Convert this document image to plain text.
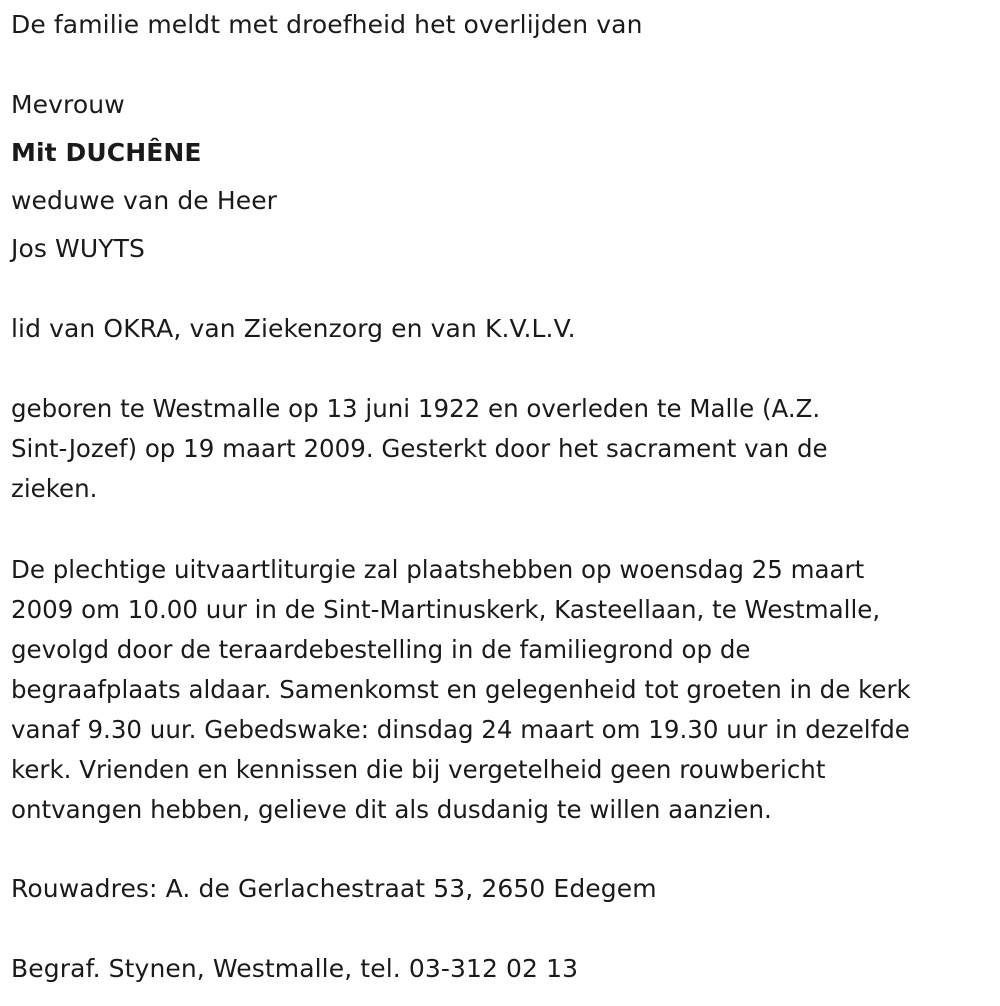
De familie meldt met droefheid het overlijden van

Mevrouw

Mit DUCHÊNE

weduwe van de Heer

Jos WUYTS

lid van OKRA, van Ziekenzorg en van K.V.L.V.

geboren te Westmalle op 13 juni 1922 en overleden te Malle (A.Z.
Sint-Jozef) op 19 maart 2009. Gesterkt door het sacrament van de
zieken.
De plechtige uitvaartliturgie zal plaatshebben op woensdag 25 maart
2009 om 10.00 uur in de Sint-Martinuskerk, Kasteellaan, te Westmalle,
gevolgd door de teraardebestelling in de familiegrond op de
begraafplaats aldaar. Samenkomst en gelegenheid tot groeten in de kerk
vanaf 9.30 uur. Gebedswake: dinsdag 24 maart om 19.30 uur in dezelfde
kerk. Vrienden en kennissen die bij vergetelheid geen rouwbericht
ontvangen hebben, gelieve dit als dusdanig te willen aanzien.

Rouwadres: A. de Gerlachestraat 53, 2650 Edegem

Begraf. Stynen, Westmalle, tel. 03-312 02 13
